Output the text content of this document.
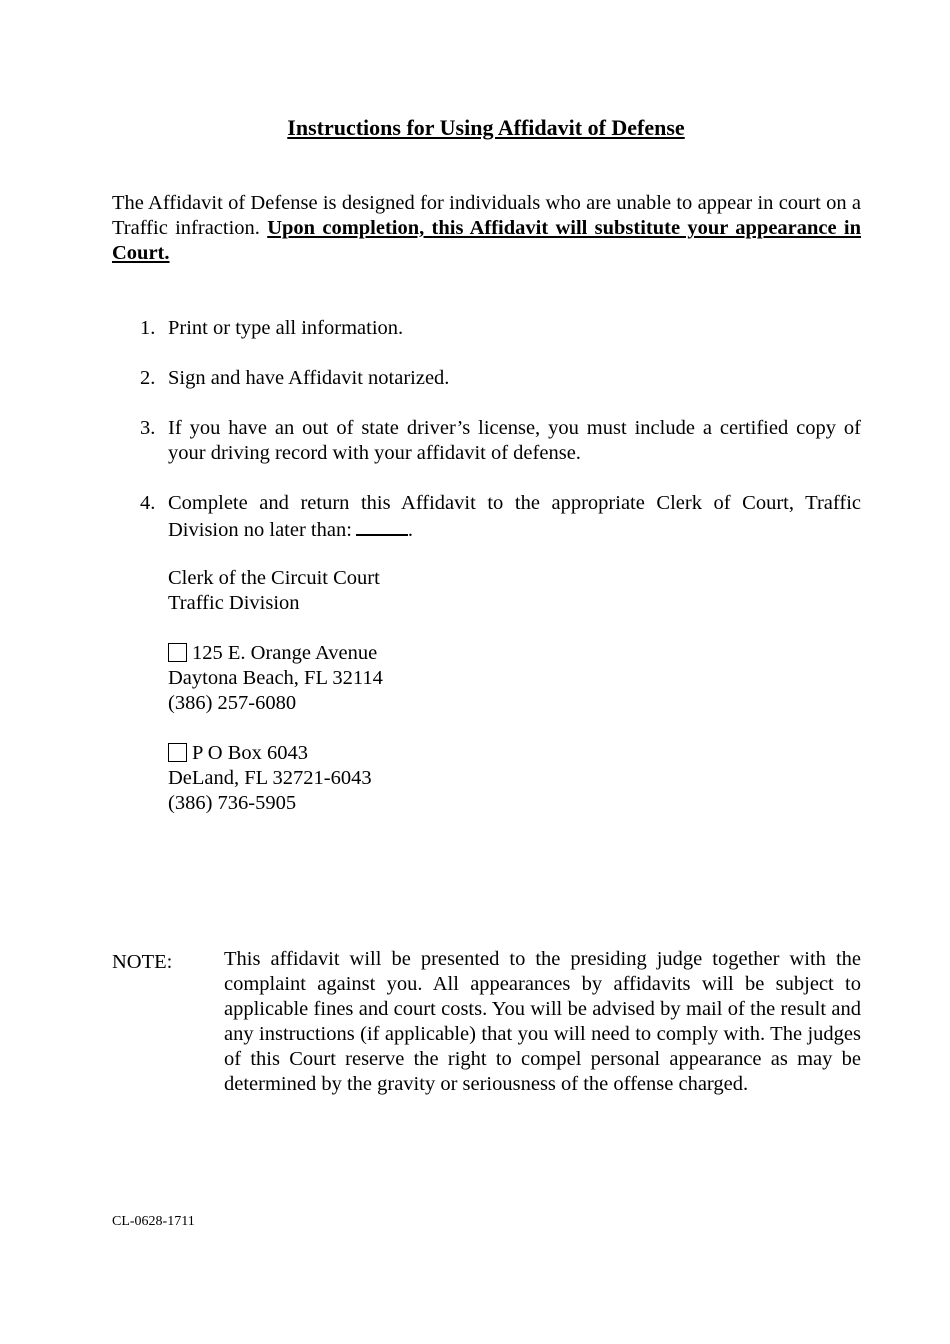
Instructions for Using Affidavit of Defense
The Affidavit of Defense is designed for individuals who are unable to appear in court on a Traffic infraction. Upon completion, this Affidavit will substitute your appearance in Court.
1. Print or type all information.
2. Sign and have Affidavit notarized.
3. If you have an out of state driver’s license, you must include a certified copy of your driving record with your affidavit of defense.
4. Complete and return this Affidavit to the appropriate Clerk of Court, Traffic Division no later than:	.
Clerk of the Circuit Court
Traffic Division
125 E. Orange Avenue
Daytona Beach, FL 32114
(386) 257-6080
P O Box 6043
DeLand, FL 32721-6043
(386) 736-5905
NOTE:	This affidavit will be presented to the presiding judge together with the complaint against you. All appearances by affidavits will be subject to applicable fines and court costs. You will be advised by mail of the result and any instructions (if applicable) that you will need to comply with. The judges of this Court reserve the right to compel personal appearance as may be determined by the gravity or seriousness of the offense charged.
CL-0628-1711
